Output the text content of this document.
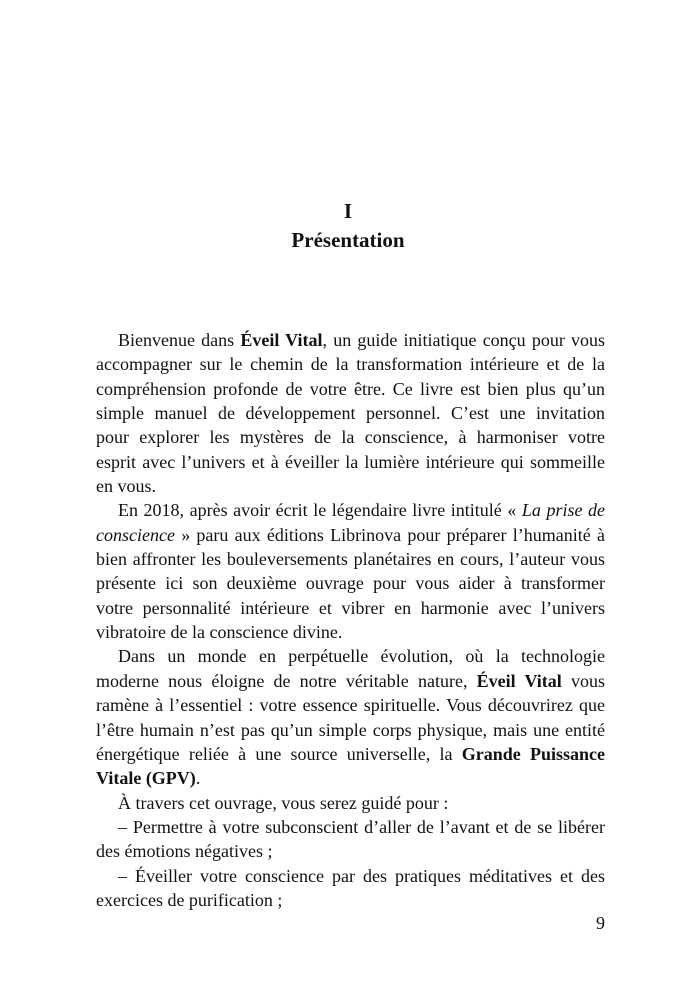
I
Présentation
Bienvenue dans Éveil Vital, un guide initiatique conçu pour vous
accompagner sur le chemin de la transformation intérieure et de la
compréhension profonde de votre être. Ce livre est bien plus qu’un
simple manuel de développement personnel. C’est une invitation
pour explorer les mystères de la conscience, à harmoniser votre
esprit avec l’univers et à éveiller la lumière intérieure qui sommeille
en vous.
En 2018, après avoir écrit le légendaire livre intitulé « La prise de
conscience » paru aux éditions Librinova pour préparer l’humanité à
bien affronter les bouleversements planétaires en cours, l’auteur vous
présente ici son deuxième ouvrage pour vous aider à transformer
votre personnalité intérieure et vibrer en harmonie avec l’univers
vibratoire de la conscience divine.
Dans un monde en perpétuelle évolution, où la technologie
moderne nous éloigne de notre véritable nature, Éveil Vital vous
ramène à l’essentiel : votre essence spirituelle. Vous découvrirez que
l’être humain n’est pas qu’un simple corps physique, mais une entité
énergétique reliée à une source universelle, la Grande Puissance
Vitale (GPV).
À travers cet ouvrage, vous serez guidé pour :
– Permettre à votre subconscient d’aller de l’avant et de se libérer
des émotions négatives ;
– Éveiller votre conscience par des pratiques méditatives et des
exercices de purification ;
9
